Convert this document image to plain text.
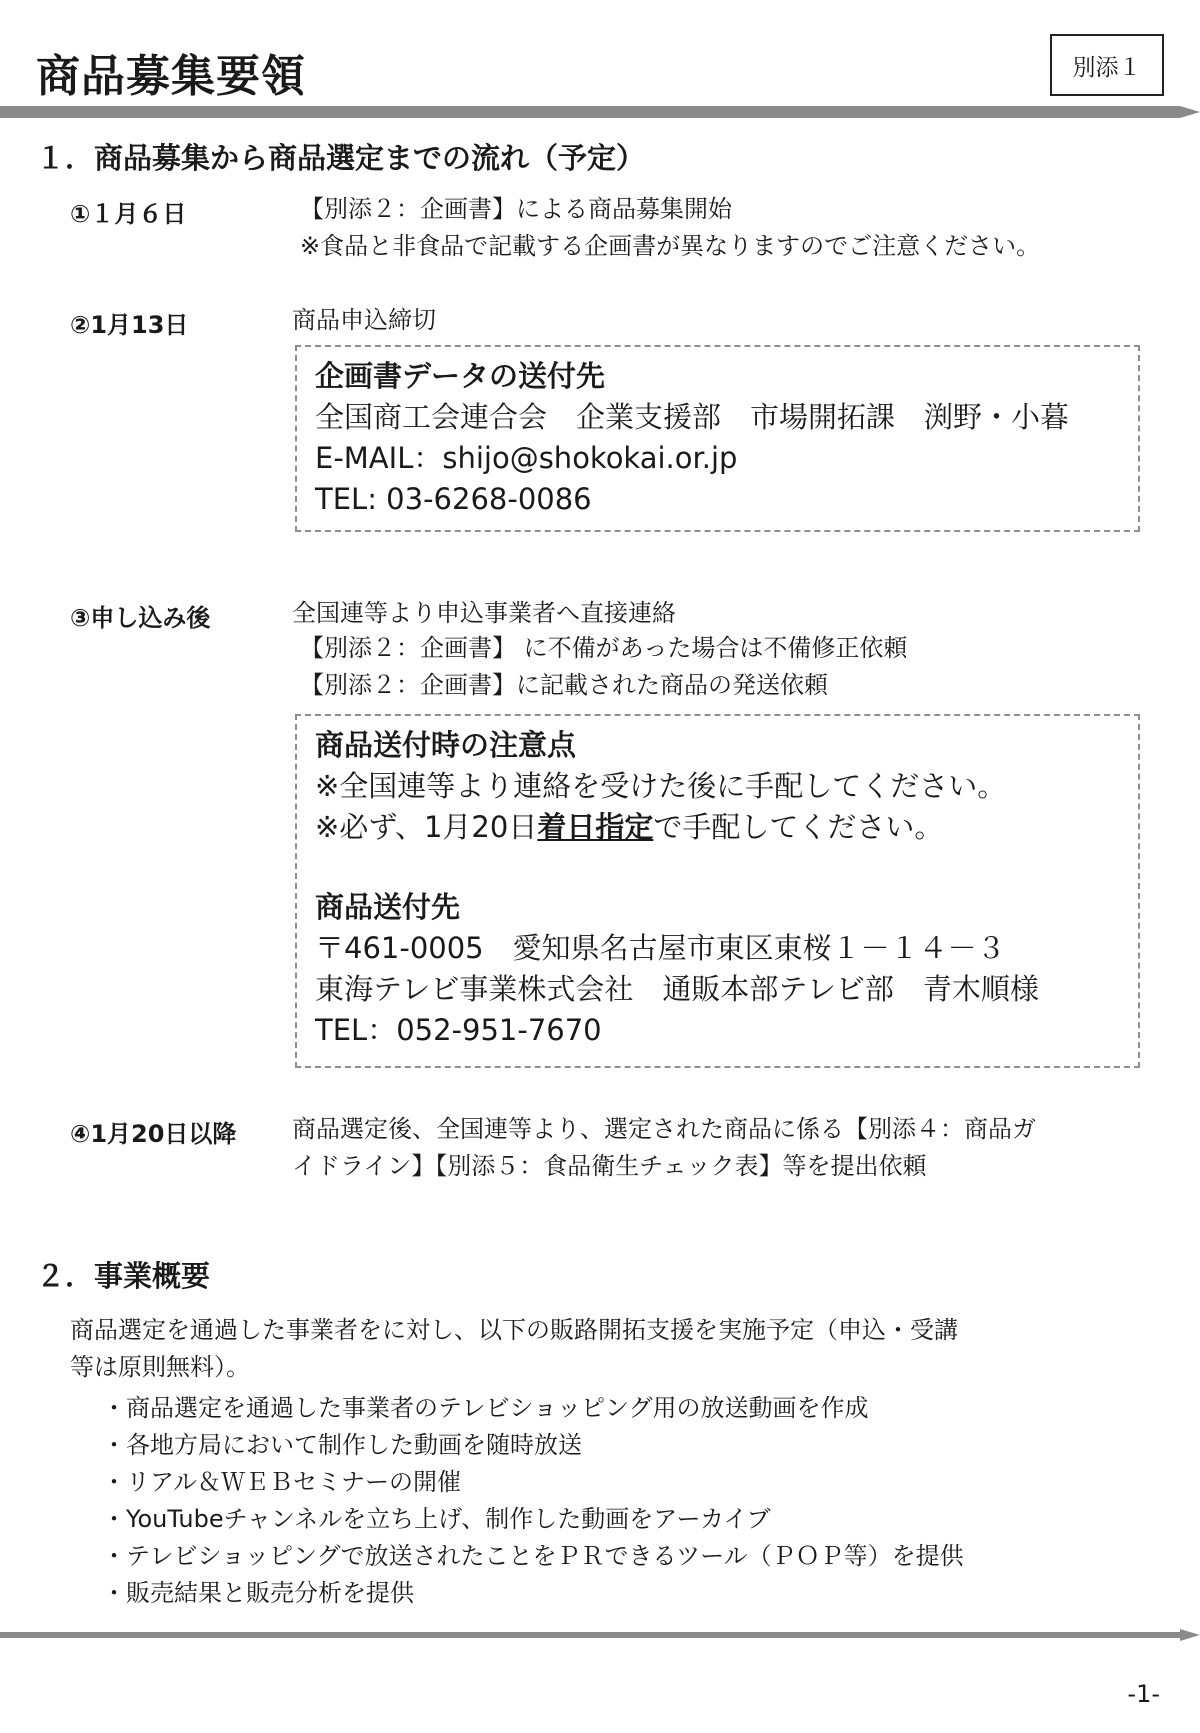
商品募集要領	別添１
１．商品募集から商品選定までの流れ（予定）
①１月６日	【別添２：企画書】による商品募集開始
※食品と非食品で記載する企画書が異なりますのでご注意ください。
②1月13日	商品申込締切
企画書データの送付先
全国商工会連合会　企業支援部　市場開拓課　渕野・小暮
E-MAIL：shijo@shokokai.or.jp
TEL: 03-6268-0086
③申し込み後	全国連等より申込事業者へ直接連絡
【別添２：企画書】 に不備があった場合は不備修正依頼
【別添２：企画書】に記載された商品の発送依頼
商品送付時の注意点
※全国連等より連絡を受けた後に手配してください。
※必ず、1月20日着日指定で手配してください。
商品送付先
〒461-0005　愛知県名古屋市東区東桜１－１４－３
東海テレビ事業株式会社　通販本部テレビ部　青木順様
TEL：052-951-7670
④1月20日以降 商品選定後、全国連等より、選定された商品に係る【別添４：商品ガ
イドライン】【別添５：食品衛生チェック表】等を提出依頼
２．事業概要
商品選定を通過した事業者をに対し、以下の販路開拓支援を実施予定（申込・受講
等は原則無料）。
・商品選定を通過した事業者のテレビショッピング用の放送動画を作成
・各地方局において制作した動画を随時放送
・リアル＆ＷＥＢセミナーの開催
・YouTubeチャンネルを立ち上げ、制作した動画をアーカイブ
・テレビショッピングで放送されたことをＰＲできるツール（ＰＯＰ等）を提供
・販売結果と販売分析を提供
-1-
